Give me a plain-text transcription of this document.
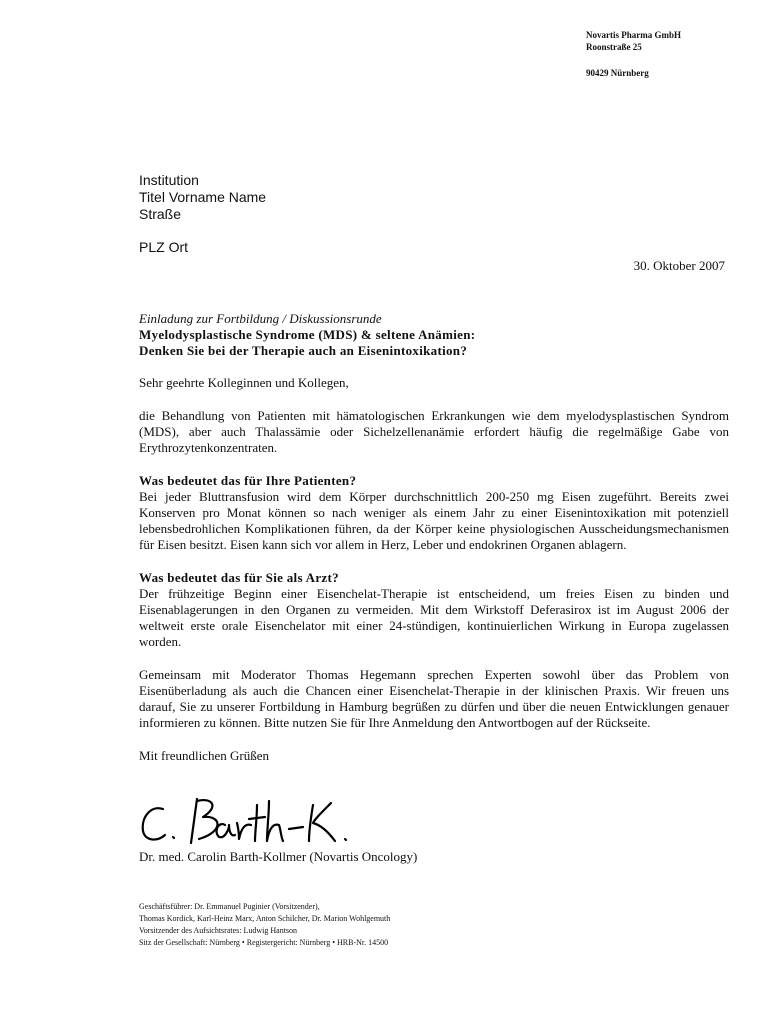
Novartis Pharma GmbH
Roonstraße 25
90429 Nürnberg
Institution
Titel Vorname Name
Straße
PLZ Ort
30. Oktober 2007
Einladung zur Fortbildung / Diskussionsrunde
Myelodysplastische Syndrome (MDS) & seltene Anämien:
Denken Sie bei der Therapie auch an Eisenintoxikation?
Sehr geehrte Kolleginnen und Kollegen,

die Behandlung von Patienten mit hämatologischen Erkrankungen wie dem myelodysplastischen Syndrom (MDS), aber auch Thalassämie oder Sichelzellenanämie erfordert häufig die regelmäßige Gabe von Erythrozytenkonzentraten.

Was bedeutet das für Ihre Patienten?

Bei jeder Bluttransfusion wird dem Körper durchschnittlich 200-250 mg Eisen zugeführt. Bereits zwei Konserven pro Monat können so nach weniger als einem Jahr zu einer Eisenintoxikation mit potenziell lebensbedrohlichen Komplikationen führen, da der Körper keine physiologischen Ausscheidungsmechanismen für Eisen besitzt. Eisen kann sich vor allem in Herz, Leber und endokrinen Organen ablagern.

Was bedeutet das für Sie als Arzt?

Der frühzeitige Beginn einer Eisenchelat-Therapie ist entscheidend, um freies Eisen zu binden und Eisenablagerungen in den Organen zu vermeiden. Mit dem Wirkstoff Deferasirox ist im August 2006 der weltweit erste orale Eisenchelator mit einer 24-stündigen, kontinuierlichen Wirkung in Europa zugelassen worden.

Gemeinsam mit Moderator Thomas Hegemann sprechen Experten sowohl über das Problem von Eisenüberladung als auch die Chancen einer Eisenchelat-Therapie in der klinischen Praxis. Wir freuen uns darauf, Sie zu unserer Fortbildung in Hamburg begrüßen zu dürfen und über die neuen Entwicklungen genauer informieren zu können. Bitte nutzen Sie für Ihre Anmeldung den Antwortbogen auf der Rückseite.

Mit freundlichen Grüßen
Dr. med. Carolin Barth-Kollmer (Novartis Oncology)
Geschäftsführer: Dr. Emmanuel Puginier (Vorsitzender),
Thomas Kordick, Karl-Heinz Marx, Anton Schilcher, Dr. Marion Wohlgemuth
Vorsitzender des Aufsichtsrates: Ludwig Hantson
Sitz der Gesellschaft: Nürnberg • Registergericht: Nürnberg • HRB-Nr. 14500
